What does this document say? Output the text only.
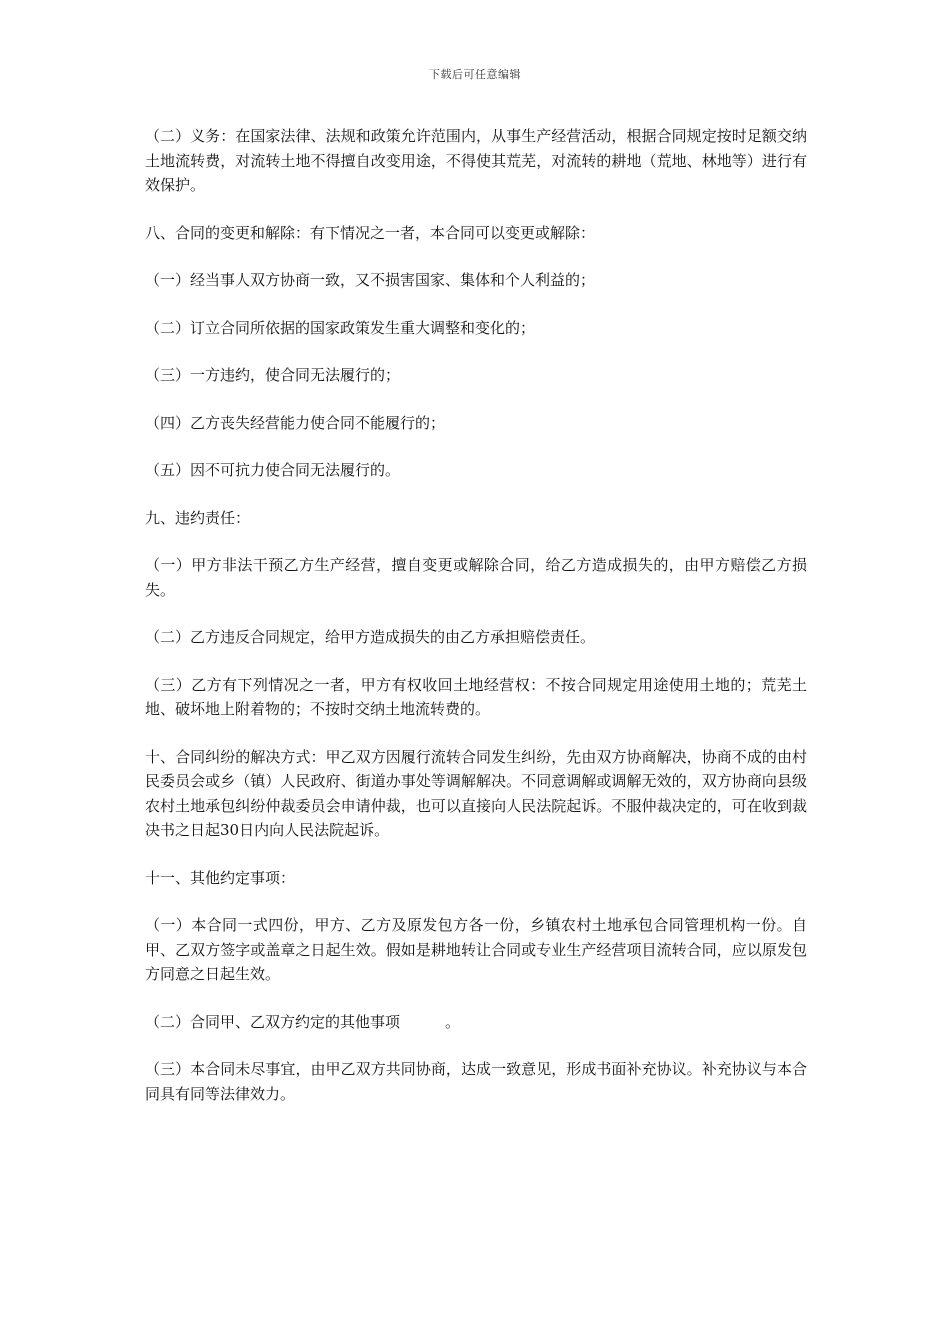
下载后可任意编辑

（二）义务：在国家法律、法规和政策允许范围内，从事生产经营活动，根据合同规定按时足额交纳土地流转费，对流转土地不得擅自改变用途，不得使其荒芜，对流转的耕地（荒地、林地等）进行有效保护。

八、合同的变更和解除：有下情况之一者，本合同可以变更或解除：

（一）经当事人双方协商一致，又不损害国家、集体和个人利益的；

（二）订立合同所依据的国家政策发生重大调整和变化的；

（三）一方违约，使合同无法履行的；

（四）乙方丧失经营能力使合同不能履行的；

（五）因不可抗力使合同无法履行的。

九、违约责任：

（一）甲方非法干预乙方生产经营，擅自变更或解除合同，给乙方造成损失的，由甲方赔偿乙方损失。

（二）乙方违反合同规定，给甲方造成损失的由乙方承担赔偿责任。

（三）乙方有下列情况之一者，甲方有权收回土地经营权：不按合同规定用途使用土地的；荒芜土地、破坏地上附着物的；不按时交纳土地流转费的。

十、合同纠纷的解决方式：甲乙双方因履行流转合同发生纠纷，先由双方协商解决，协商不成的由村民委员会或乡（镇）人民政府、街道办事处等调解解决。不同意调解或调解无效的，双方协商向县级农村土地承包纠纷仲裁委员会申请仲裁，也可以直接向人民法院起诉。不服仲裁决定的，可在收到裁决书之日起30日内向人民法院起诉。

十一、其他约定事项：

（一）本合同一式四份，甲方、乙方及原发包方各一份，乡镇农村土地承包合同管理机构一份。自甲、乙双方签字或盖章之日起生效。假如是耕地转让合同或专业生产经营项目流转合同，应以原发包方同意之日起生效。

（二）合同甲、乙双方约定的其他事项　　　。

（三）本合同未尽事宜，由甲乙双方共同协商，达成一致意见，形成书面补充协议。补充协议与本合同具有同等法律效力。
